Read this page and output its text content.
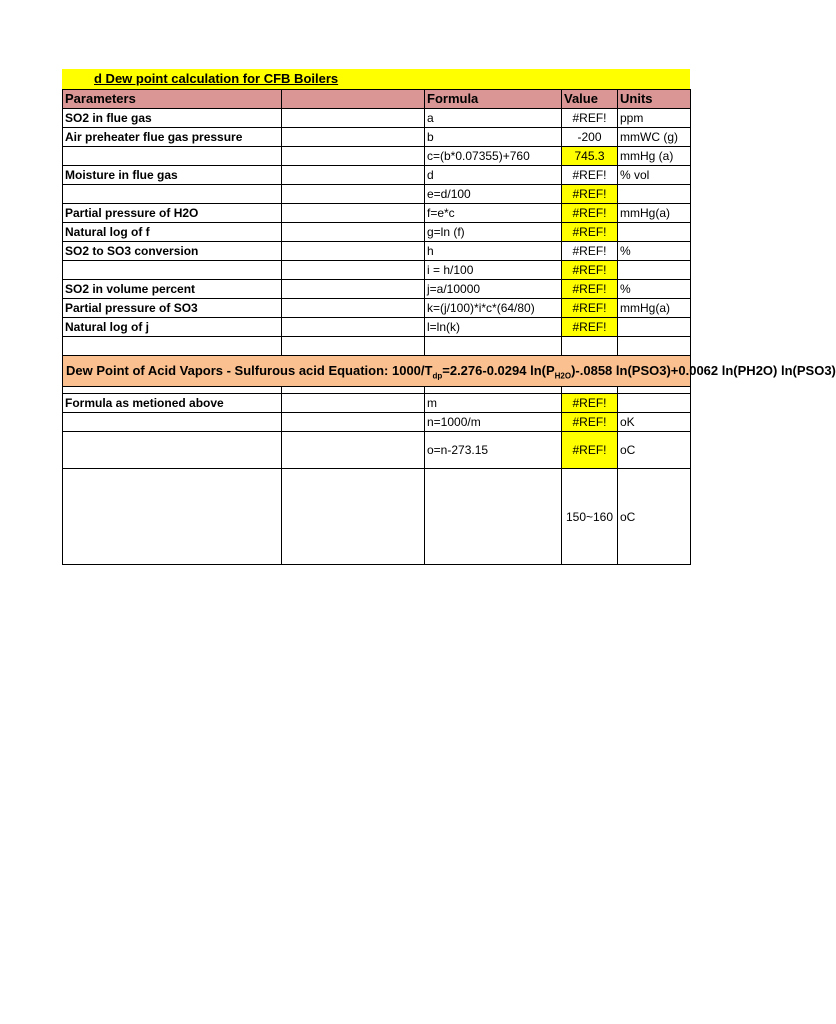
d Dew point calculation for CFB Boilers
Parameters		Formula	Value	Units
SO2 in flue gas		a	#REF!	ppm
Air preheater flue gas pressure		b	-200	mmWC (g)
		c=(b*0.07355)+760	745.3	mmHg (a)
Moisture in flue gas		d	#REF!	% vol
		e=d/100	#REF!	
Partial pressure of H2O		f=e*c	#REF!	mmHg(a)
Natural log of f		g=ln (f)	#REF!	
SO2 to SO3 conversion		h	#REF!	%
		i = h/100	#REF!	
SO2 in volume percent		j=a/10000	#REF!	%
Partial pressure of SO3		k=(j/100)*i*c*(64/80)	#REF!	mmHg(a)
Natural log of j		l=ln(k)	#REF!	

Dew Point of Acid Vapors - Sulfurous acid Equation: $1000/T_{dp}=2.276-0.0294$ $\ln(P_{H2O})-.0858$ ln(PSO3)+0.0062 ln(PH2O) ln(PSO3)				

Formula as metioned above		m	#REF!	
		n=1000/m	#REF!	oK
		o=n-273.15	#REF!	oC
			150~160	oC
